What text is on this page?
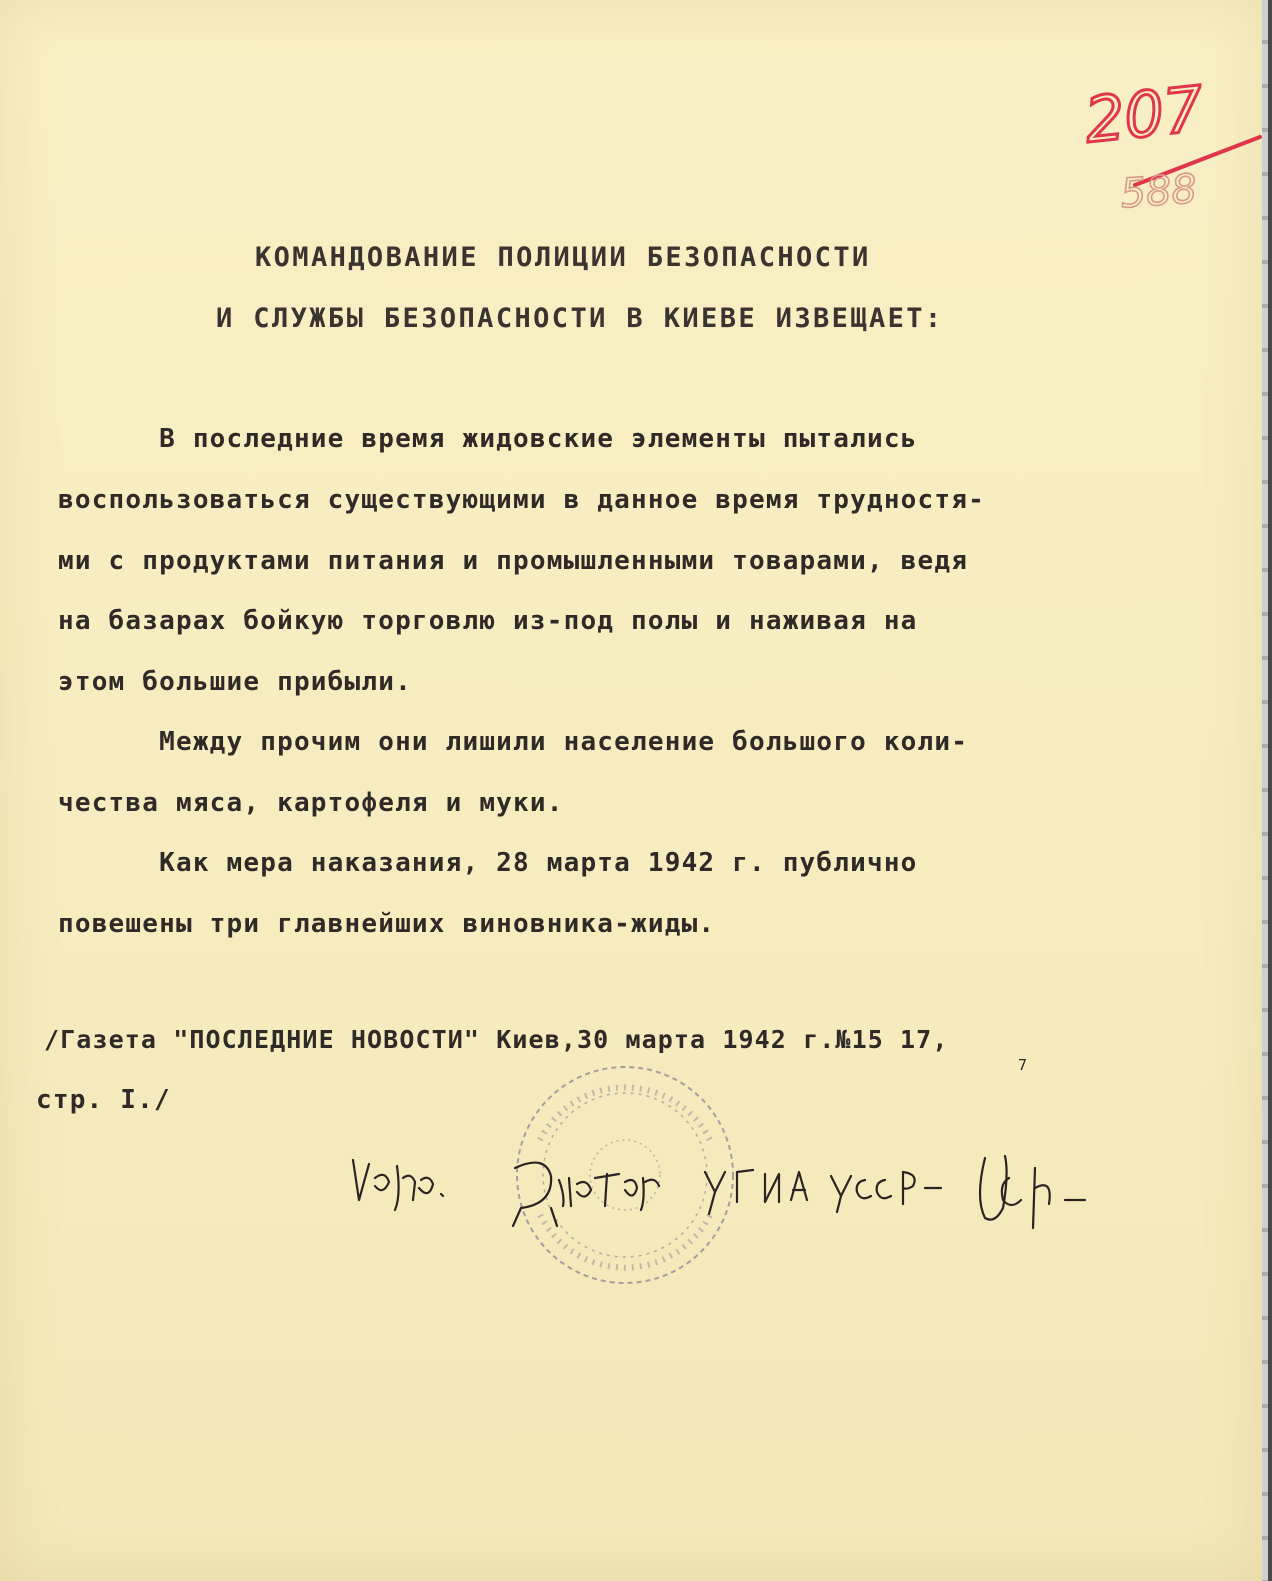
207
588
КОМАНДОВАНИЕ ПОЛИЦИИ БЕЗОПАСНОСТИ
И СЛУЖБЫ БЕЗОПАСНОСТИ В КИЕВЕ ИЗВЕЩАЕТ:
В последние время жидовские элементы пытались
воспользоваться существующими в данное время трудностя-
ми с продуктами питания и промышленными товарами, ведя
на базарах бойкую торговлю из-под полы и наживая на
этом большие прибыли.
Между прочим они лишили население большого коли-
чества мяса, картофеля и муки.
Как мера наказания, 28 марта 1942 г. публично
повешены три главнейших виновника-жиды.
/Газета "ПОСЛЕДНИЕ НОВОСТИ" Киев,30 марта 1942 г.№15 17,
7
стр. I./
Верно. Директор УГИА УССР -
